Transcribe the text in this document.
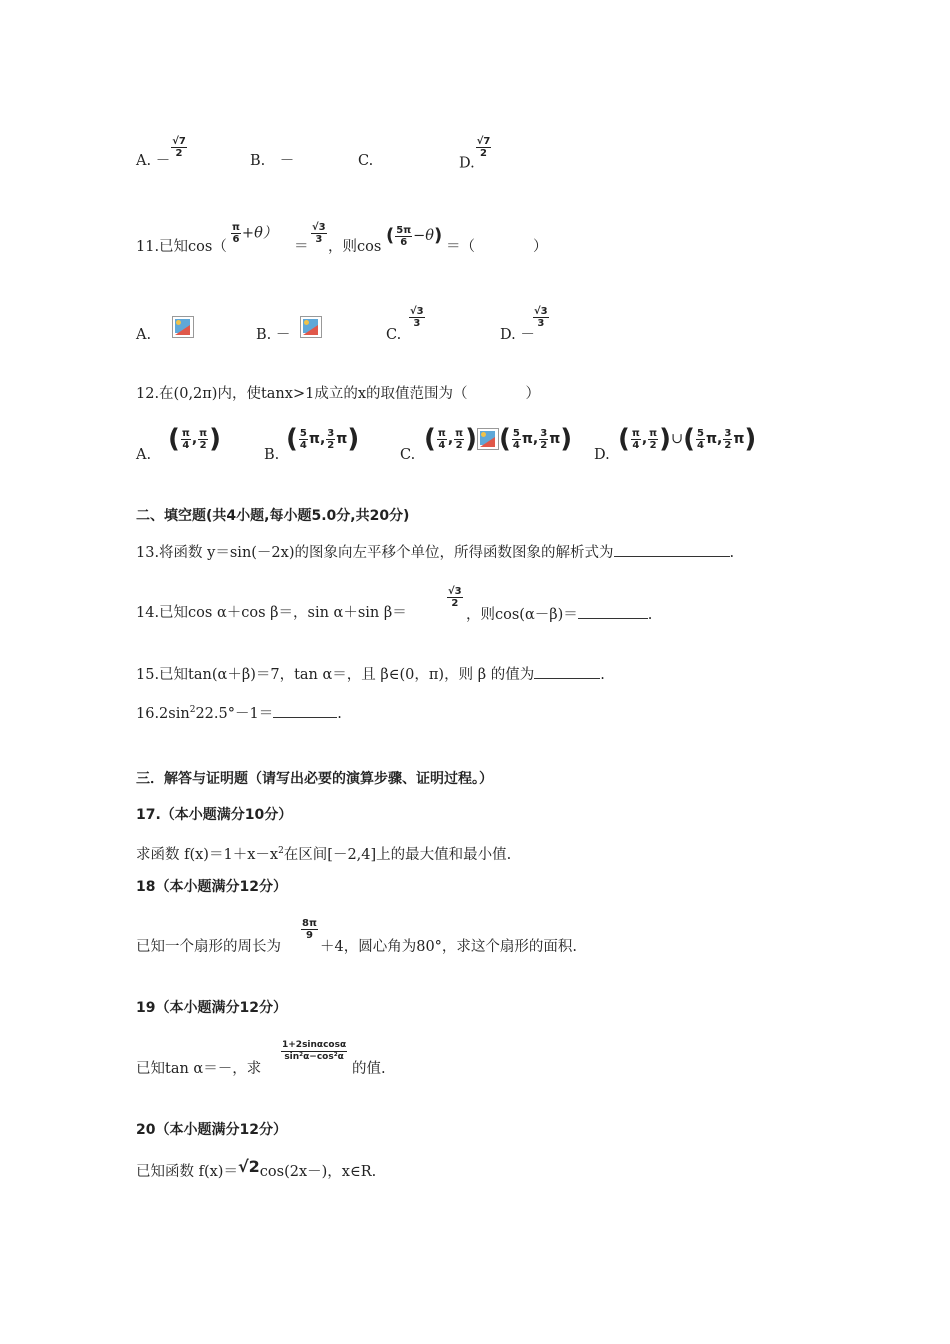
A. －
$\frac{√7}{2}$
B.　－	C.	D.
$\frac{√7}{2}$
11.已知cos（
$\frac{\pi}{6} +\theta$）
＝
$\frac{√3}{3}$
，则cos
( $\frac{5\pi}{6} -\theta$)
＝（　　　　）
A.	B. －	C.
$\frac{√3}{3}$
D. －
$\frac{√3}{3}$
12.在(0,2π)内，使tanx>1成立的x的取值范围为（　　　　）
A.
( $\frac{\pi}{4}$ , $\frac{\pi}{2}$ )
B.
( $\frac{5}{4} \pi$, $\frac{3}{2} \pi$)
C.
( $\frac{\pi}{4}$ , $\frac{\pi}{2}$ ) ( $\frac{5}{4} \pi$, $\frac{3}{2} \pi$)
D.
( $\frac{\pi}{4}$ , $\frac{\pi}{2}$ )∪( $\frac{5}{4} \pi$, $\frac{3}{2} \pi$)
二、填空题(共4小题,每小题5.0分,共20分)
13.将函数 y＝sin(－2x)的图象向左平移个单位，所得函数图象的解析式为	.
14.已知cos α＋cos β＝，sin α＋sin β＝
$\frac{√3}{2}$
，则cos(α－β)＝	.
15.已知tan(α＋β)＝7，tan α＝，且 β∈(0，π)，则 β 的值为	.
$16.2\sin^222.5^\circ-1=$	.
三．解答与证明题（请写出必要的演算步骤、证明过程。）
17.（本小题满分10分）
求函数 $f(x)=1+x-x^2$在区间[－2,4]上的最大值和最小值.
18（本小题满分12分）
已知一个扇形的周长为
$\frac{8\pi}{9}$
＋4，圆心角为80°，求这个扇形的面积.
19（本小题满分12分）
已知tan α＝－，求
$\frac{1+2\sin\alpha\cos\alpha}{\text{sin²α−cos²α}}$
的值.
20（本小题满分12分）
已知函数 f(x)＝√2cos(2x－)，x∈R.
